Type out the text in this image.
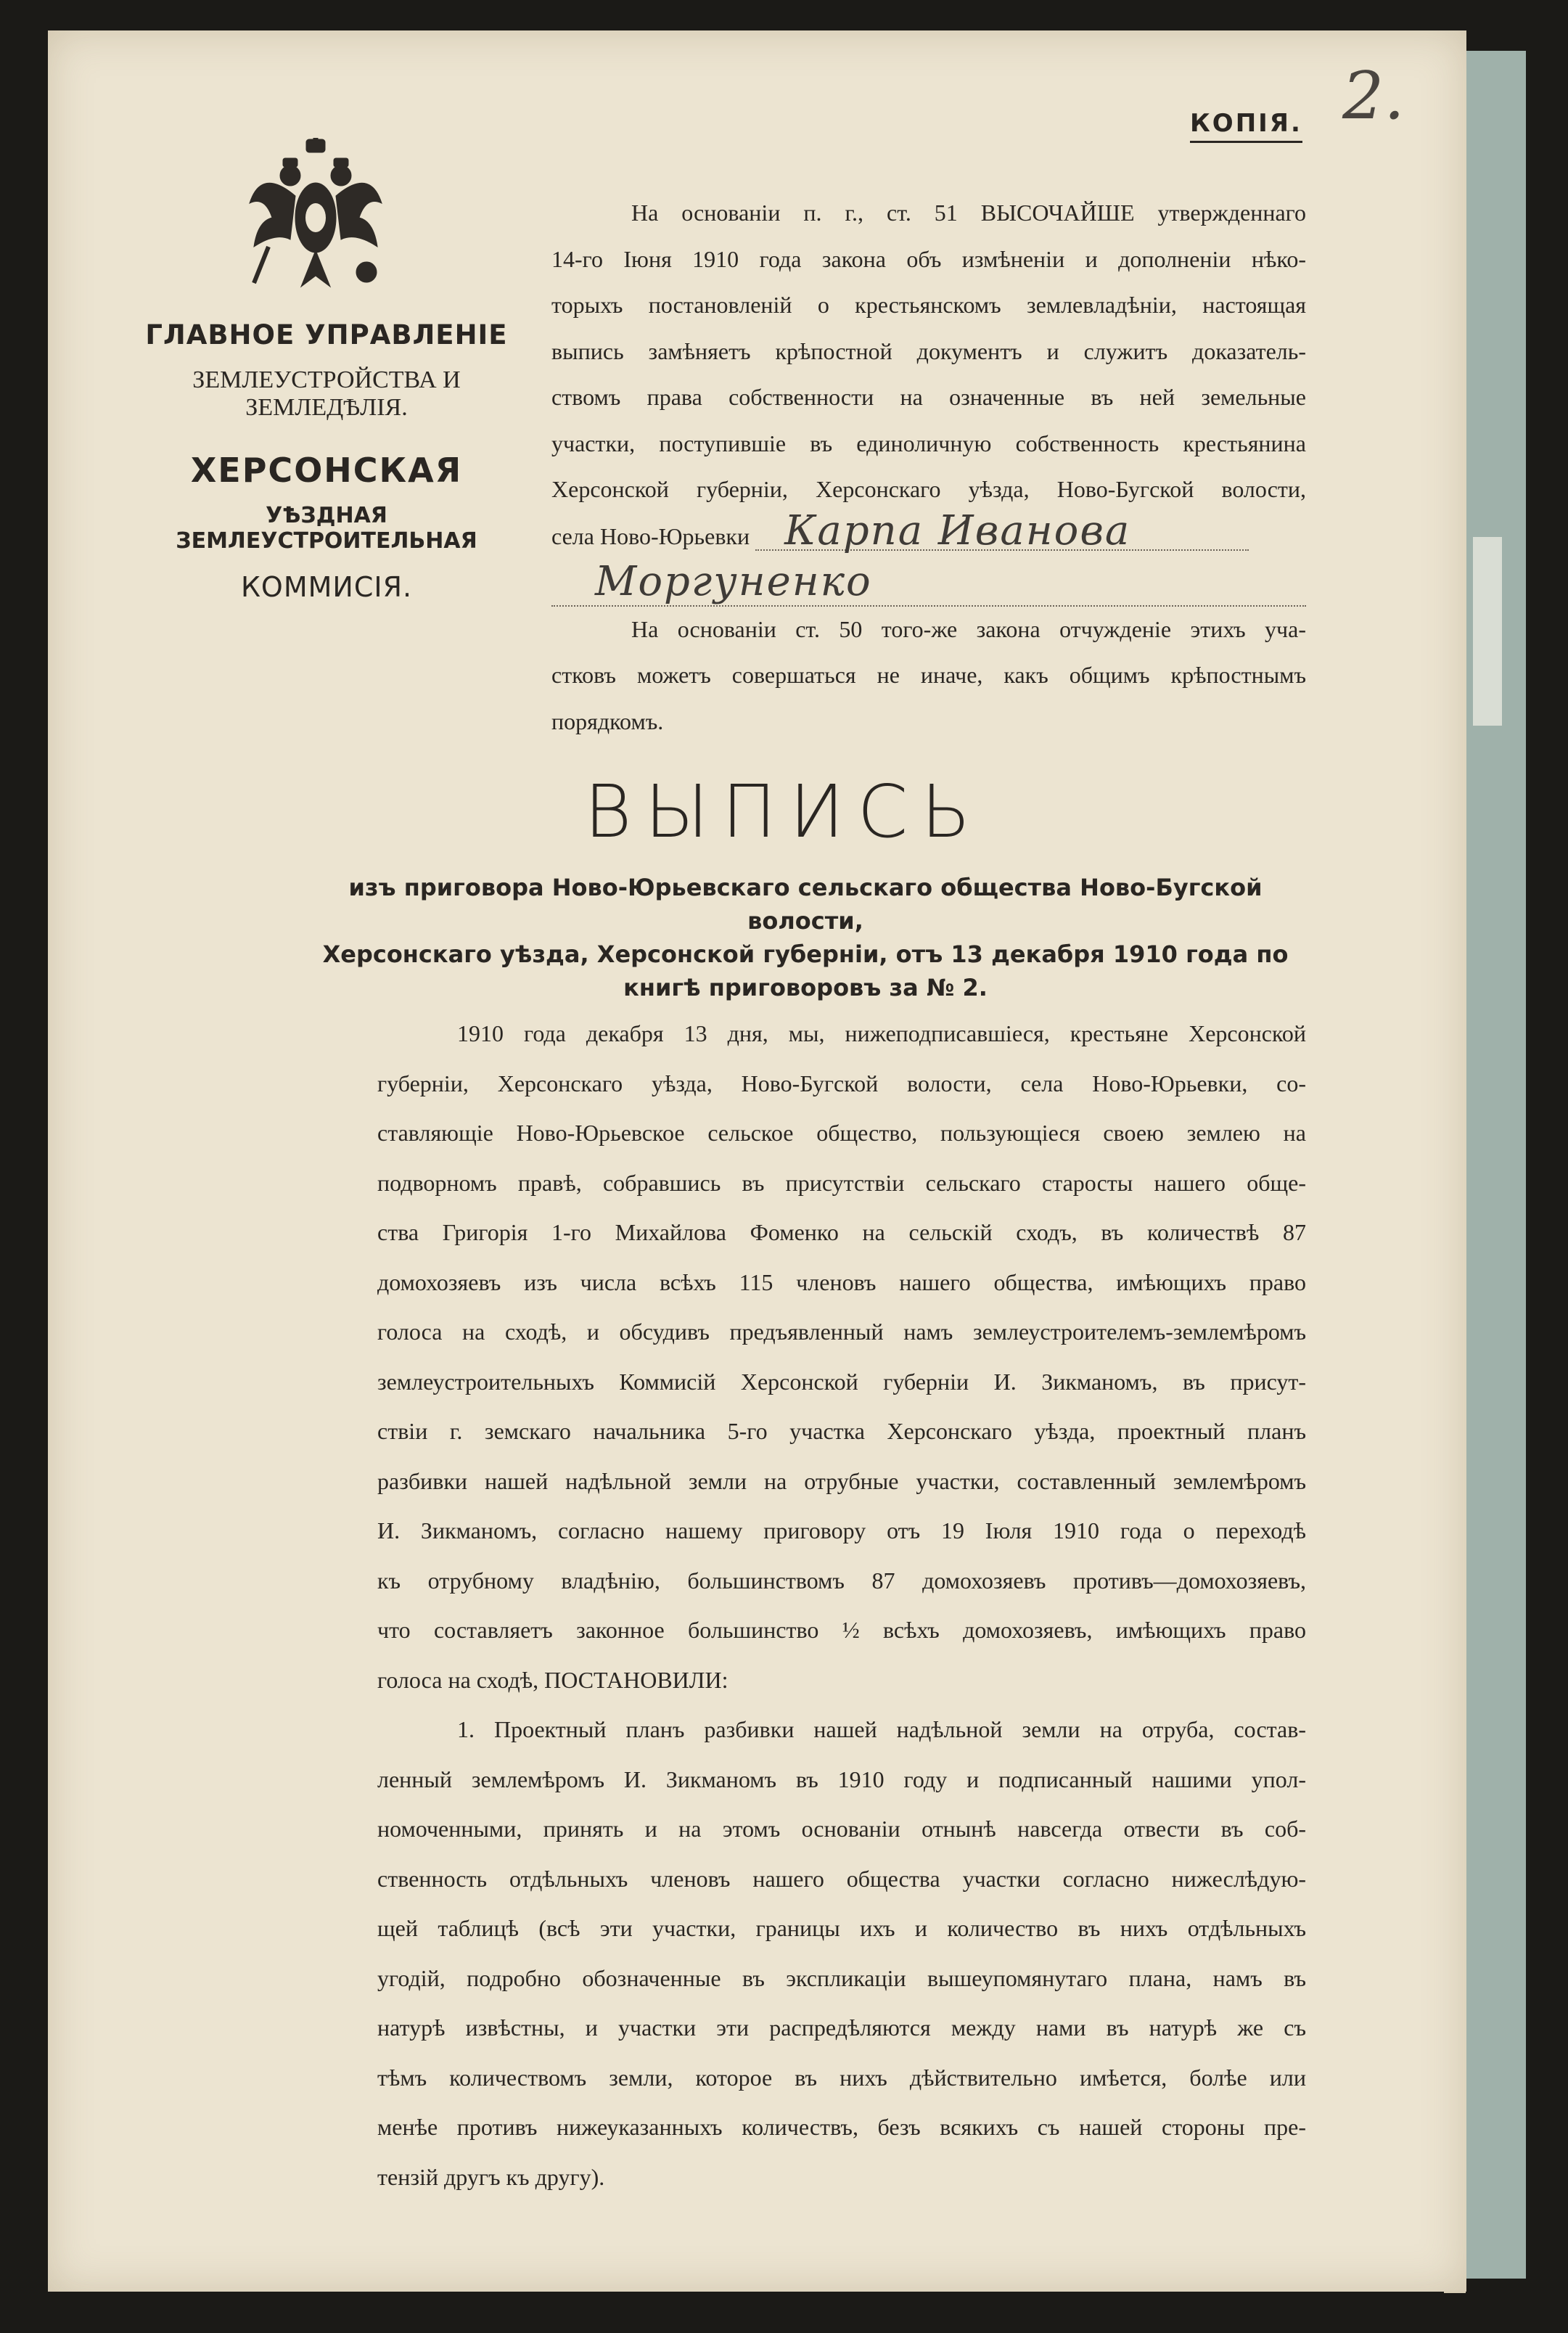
2.
КОПІЯ.
ГЛАВНОЕ УПРАВЛЕНІЕ
ЗЕМЛЕУСТРОЙСТВА И ЗЕМЛЕДѢЛІЯ.
ХЕРСОНСКАЯ
УѢЗДНАЯ ЗЕМЛЕУСТРОИТЕЛЬНАЯ
КОММИСІЯ.
На основаніи п. г., ст. 51 ВЫСОЧАЙШЕ утвержденнаго
14-го Іюня 1910 года закона объ измѣненіи и дополненіи нѣко-
торыхъ постановленій о крестьянскомъ землевладѣніи, настоящая
выпись замѣняетъ крѣпостной документъ и служитъ доказатель-
ствомъ права собственности на означенные въ ней земельные
участки, поступившіе въ единоличную собственность крестьянина
Херсонской губерніи, Херсонскаго уѣзда, Ново-Бугской волости,
села Ново-Юрьевки Карпа Иванова
Моргуненко
На основаніи ст. 50 того-же закона отчужденіе этихъ уча-
стковъ можетъ совершаться не иначе, какъ общимъ крѣпостнымъ
порядкомъ.
ВЫПИСЬ
изъ приговора Ново-Юрьевскаго сельскаго общества Ново-Бугской волости,
Херсонскаго уѣзда, Херсонской губерніи, отъ 13 декабря 1910 года по
книгѣ приговоровъ за № 2.
1910 года декабря 13 дня, мы, нижеподписавшіеся, крестьяне Херсонской
губерніи, Херсонскаго уѣзда, Ново-Бугской волости, села Ново-Юрьевки, со-
ставляющіе Ново-Юрьевское сельское общество, пользующіеся своею землею на
подворномъ правѣ, собравшись въ присутствіи сельскаго старосты нашего обще-
ства Григорія 1-го Михайлова Фоменко на сельскій сходъ, въ количествѣ 87
домохозяевъ изъ числа всѣхъ 115 членовъ нашего общества, имѣющихъ право
голоса на сходѣ, и обсудивъ предъявленный намъ землеустроителемъ-землемѣромъ
землеустроительныхъ Коммисій Херсонской губерніи И. Зикманомъ, въ присут-
ствіи г. земскаго начальника 5-го участка Херсонскаго уѣзда, проектный планъ
разбивки нашей надѣльной земли на отрубные участки, составленный землемѣромъ
И. Зикманомъ, согласно нашему приговору отъ 19 Іюля 1910 года о переходѣ
къ отрубному владѣнію, большинствомъ 87 домохозяевъ противъ—домохозяевъ,
что составляетъ законное большинство ½ всѣхъ домохозяевъ, имѣющихъ право
голоса на сходѣ, ПОСТАНОВИЛИ:
1. Проектный планъ разбивки нашей надѣльной земли на отруба, состав-
ленный землемѣромъ И. Зикманомъ въ 1910 году и подписанный нашими упол-
номоченными, принять и на этомъ основаніи отнынѣ навсегда отвести въ соб-
ственность отдѣльныхъ членовъ нашего общества участки согласно нижеслѣдую-
щей таблицѣ (всѣ эти участки, границы ихъ и количество въ нихъ отдѣльныхъ
угодій, подробно обозначенные въ экспликаціи вышеупомянутаго плана, намъ въ
натурѣ извѣстны, и участки эти распредѣляются между нами въ натурѣ же съ
тѣмъ количествомъ земли, которое въ нихъ дѣйствительно имѣется, болѣе или
менѣе противъ нижеуказанныхъ количествъ, безъ всякихъ съ нашей стороны пре-
тензій другъ къ другу).
